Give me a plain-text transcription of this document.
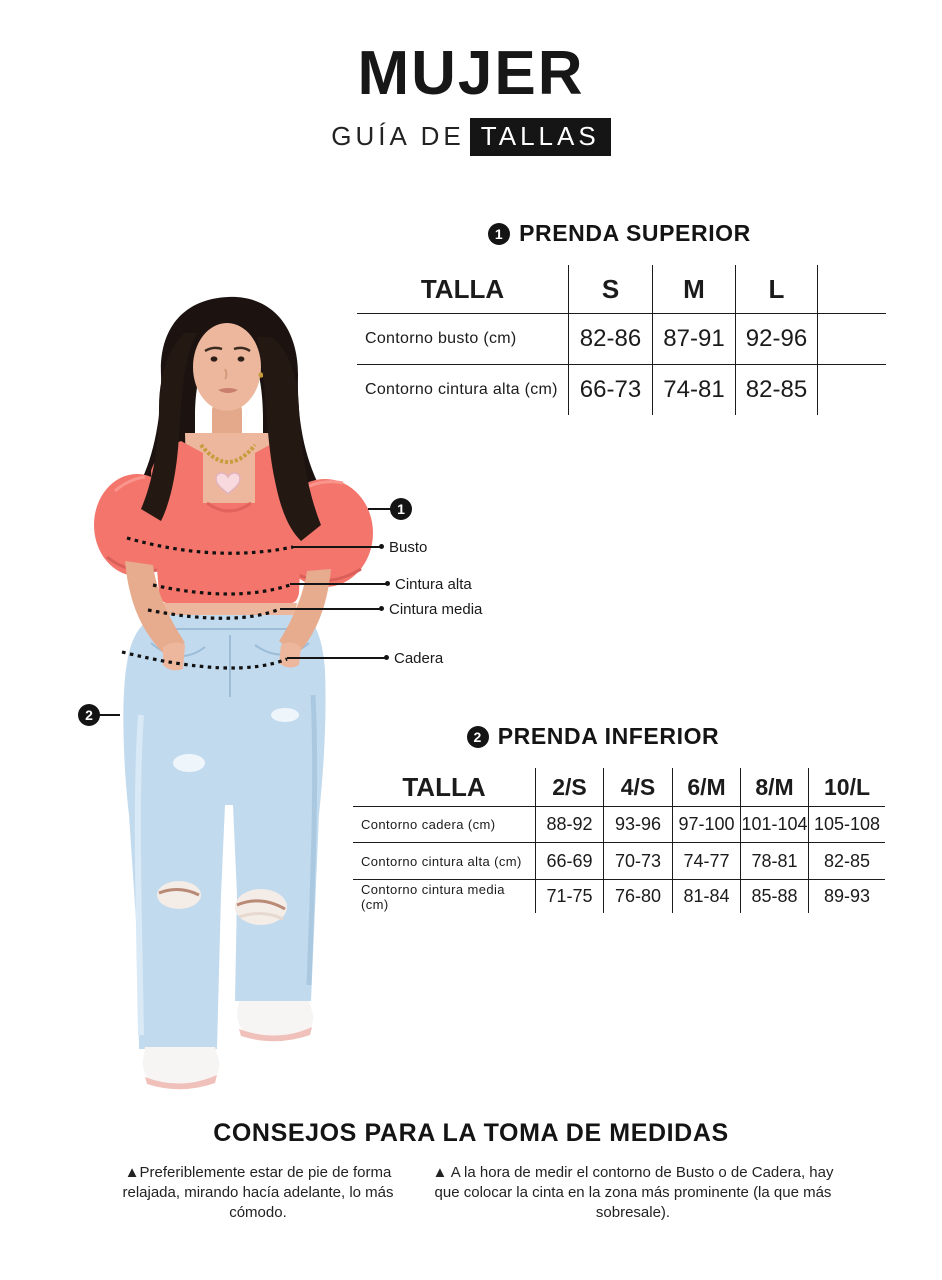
MUJER
GUÍA DE TALLAS
1 PRENDA SUPERIOR
TALLA	S	M	L
Contorno busto (cm)	82-86 87-91 92-96
Contorno cintura alta (cm) 66-73 74-81 82-85
1
2
Busto
Cintura alta
Cintura media
Cadera
2 PRENDA INFERIOR
TALLA	2/S	4/S	6/M	8/M	10/L
Contorno cadera (cm)	88-92	93-96 97-100 101-104 105-108
Contorno cintura alta (cm)	66-69	70-73	74-77	78-81	82-85
Contorno cintura media (cm)	71-75	76-80	81-84	85-88	89-93
CONSEJOS PARA LA TOMA DE MEDIDAS
▲Preferiblemente estar de pie de forma relajada, mirando hacía adelante, lo más cómodo.
▲ A la hora de medir el contorno de Busto o de Cadera, hay que colocar la cinta en la zona más prominente (la que más sobresale).
